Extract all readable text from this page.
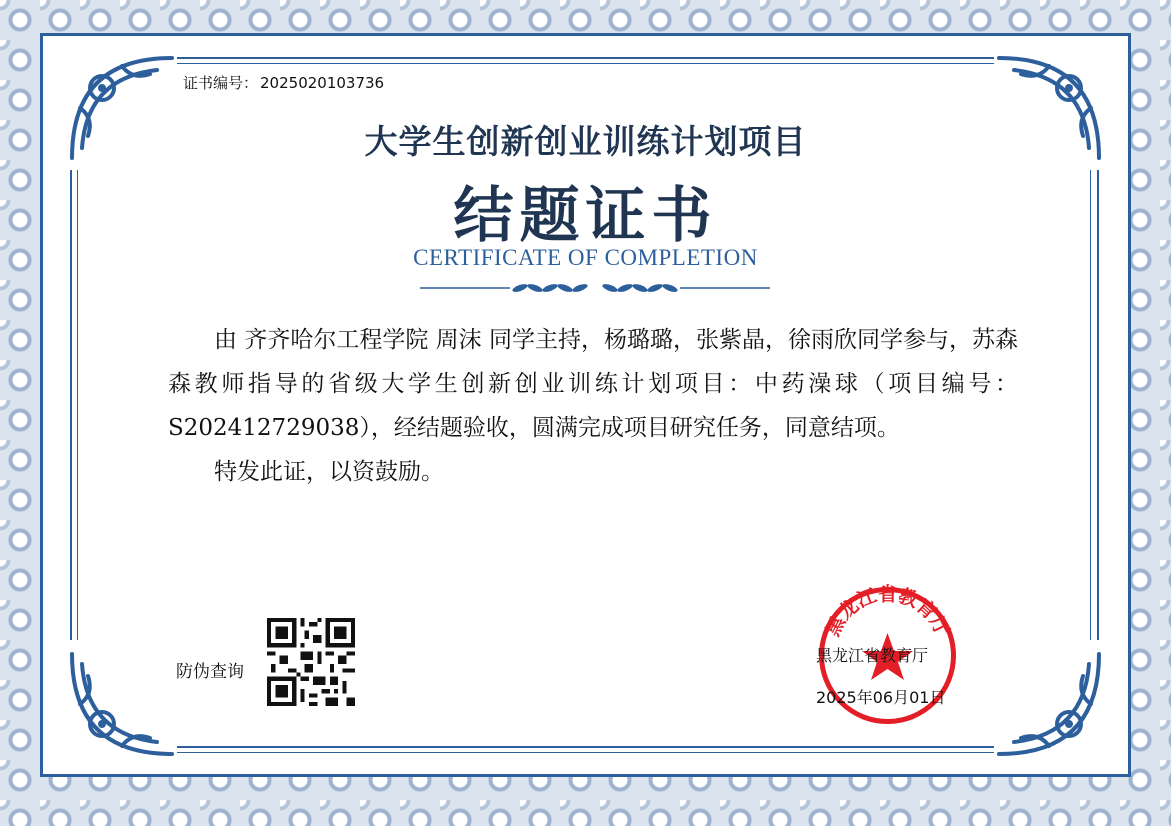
证书编号： 2025020103736
大学生创新创业训练计划项目
结题证书
CERTIFICATE OF COMPLETION

由 齐齐哈尔工程学院 周沫 同学主持，杨璐璐，张紫晶，徐雨欣同学参与，苏森森教师指导的省级大学生创新创业训练计划项目：中药澡球（项目编号：S202412729038），经结题验收，圆满完成项目研究任务，同意结项。

特发此证，以资鼓励。

防伪查询
黑龙江省教育厅
黑龙江省教育厅
2025年06月01日
